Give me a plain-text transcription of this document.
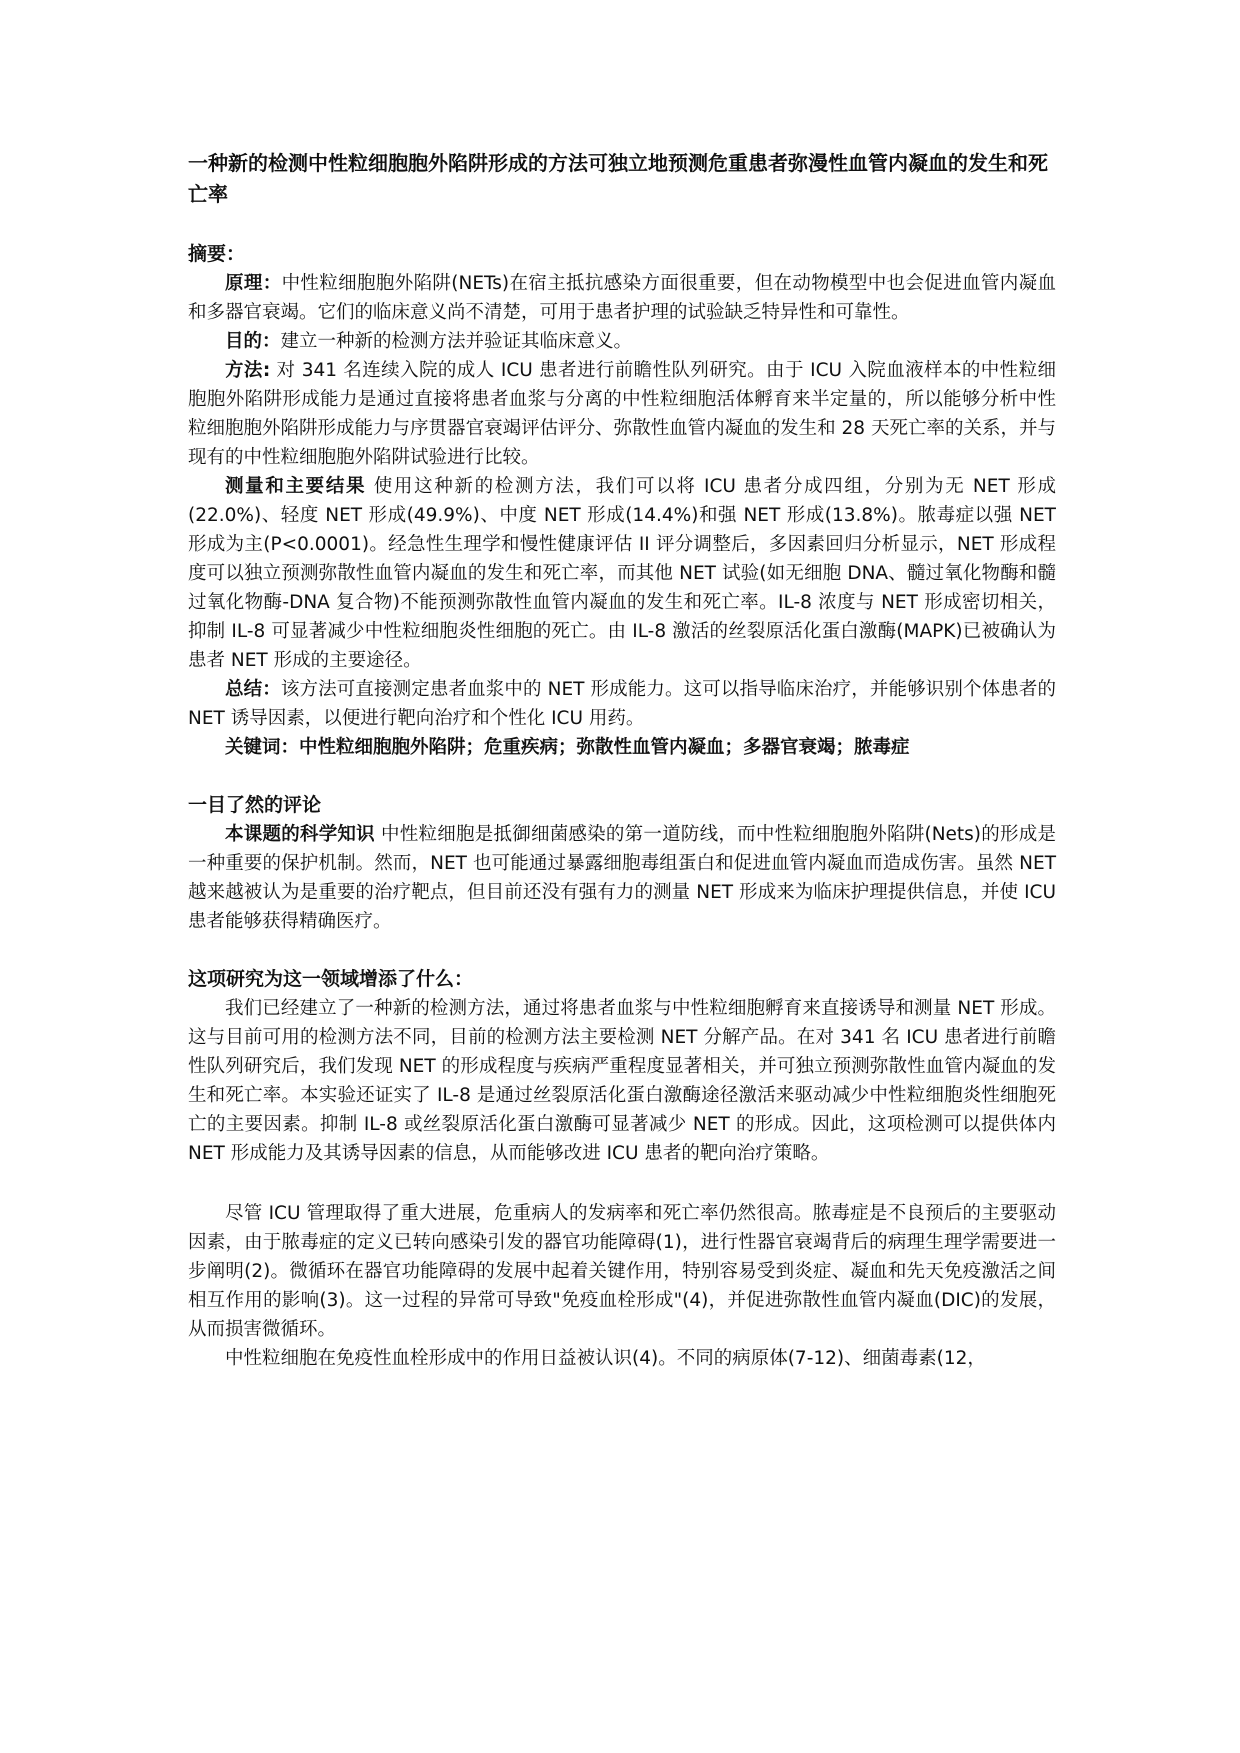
一种新的检测中性粒细胞胞外陷阱形成的方法可独立地预测危重患者弥漫性血管内凝血的发生和死亡率
摘要：

原理：中性粒细胞胞外陷阱(NETs)在宿主抵抗感染方面很重要，但在动物模型中也会促进血管内凝血和多器官衰竭。它们的临床意义尚不清楚，可用于患者护理的试验缺乏特异性和可靠性。

目的：建立一种新的检测方法并验证其临床意义。

方法: 对 341 名连续入院的成人 ICU 患者进行前瞻性队列研究。由于 ICU 入院血液样本的中性粒细胞胞外陷阱形成能力是通过直接将患者血浆与分离的中性粒细胞活体孵育来半定量的，所以能够分析中性粒细胞胞外陷阱形成能力与序贯器官衰竭评估评分、弥散性血管内凝血的发生和 28 天死亡率的关系，并与现有的中性粒细胞胞外陷阱试验进行比较。

测量和主要结果 使用这种新的检测方法，我们可以将 ICU 患者分成四组，分别为无 NET 形成(22.0%)、轻度 NET 形成(49.9%)、中度 NET 形成(14.4%)和强 NET 形成(13.8%)。脓毒症以强 NET 形成为主(P<0.0001)。经急性生理学和慢性健康评估 II 评分调整后，多因素回归分析显示，NET 形成程度可以独立预测弥散性血管内凝血的发生和死亡率，而其他 NET 试验(如无细胞 DNA、髓过氧化物酶和髓过氧化物酶-DNA 复合物)不能预测弥散性血管内凝血的发生和死亡率。IL-8 浓度与 NET 形成密切相关，抑制 IL-8 可显著减少中性粒细胞炎性细胞的死亡。由 IL-8 激活的丝裂原活化蛋白激酶(MAPK)已被确认为患者 NET 形成的主要途径。

总结：该方法可直接测定患者血浆中的 NET 形成能力。这可以指导临床治疗，并能够识别个体患者的 NET 诱导因素，以便进行靶向治疗和个性化 ICU 用药。

关键词：中性粒细胞胞外陷阱；危重疾病；弥散性血管内凝血；多器官衰竭；脓毒症

一目了然的评论

本课题的科学知识 中性粒细胞是抵御细菌感染的第一道防线，而中性粒细胞胞外陷阱(Nets)的形成是一种重要的保护机制。然而，NET 也可能通过暴露细胞毒组蛋白和促进血管内凝血而造成伤害。虽然 NET 越来越被认为是重要的治疗靶点，但目前还没有强有力的测量 NET 形成来为临床护理提供信息，并使 ICU 患者能够获得精确医疗。

这项研究为这一领域增添了什么：

我们已经建立了一种新的检测方法，通过将患者血浆与中性粒细胞孵育来直接诱导和测量 NET 形成。这与目前可用的检测方法不同，目前的检测方法主要检测 NET 分解产品。在对 341 名 ICU 患者进行前瞻性队列研究后，我们发现 NET 的形成程度与疾病严重程度显著相关，并可独立预测弥散性血管内凝血的发生和死亡率。本实验还证实了 IL-8 是通过丝裂原活化蛋白激酶途径激活来驱动减少中性粒细胞炎性细胞死亡的主要因素。抑制 IL-8 或丝裂原活化蛋白激酶可显著减少 NET 的形成。因此，这项检测可以提供体内 NET 形成能力及其诱导因素的信息，从而能够改进 ICU 患者的靶向治疗策略。

尽管 ICU 管理取得了重大进展，危重病人的发病率和死亡率仍然很高。脓毒症是不良预后的主要驱动因素，由于脓毒症的定义已转向感染引发的器官功能障碍(1)，进行性器官衰竭背后的病理生理学需要进一步阐明(2)。微循环在器官功能障碍的发展中起着关键作用，特别容易受到炎症、凝血和先天免疫激活之间相互作用的影响(3)。这一过程的异常可导致"免疫血栓形成"(4)，并促进弥散性血管内凝血(DIC)的发展，从而损害微循环。

中性粒细胞在免疫性血栓形成中的作用日益被认识(4)。不同的病原体(7-12)、细菌毒素(12，
